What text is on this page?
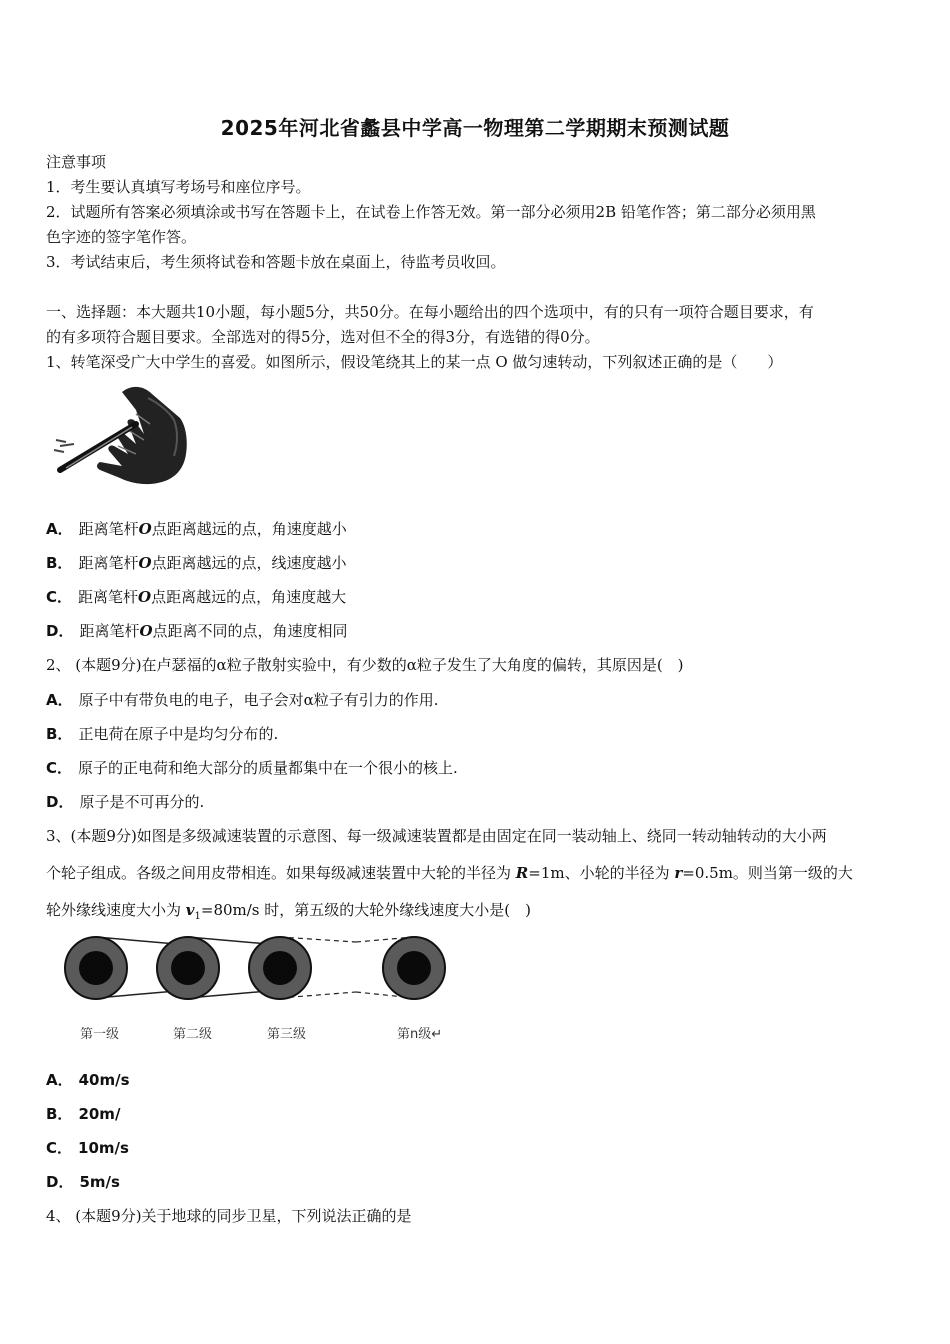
2025年河北省蠡县中学高一物理第二学期期末预测试题
注意事项
1．考生要认真填写考场号和座位序号。
2．试题所有答案必须填涂或书写在答题卡上，在试卷上作答无效。第一部分必须用2B 铅笔作答；第二部分必须用黑
色字迹的签字笔作答。
3．考试结束后，考生须将试卷和答题卡放在桌面上，待监考员收回。
一、选择题：本大题共10小题，每小题5分，共50分。在每小题给出的四个选项中，有的只有一项符合题目要求，有
的有多项符合题目要求。全部选对的得5分，选对但不全的得3分，有选错的得0分。
1、转笔深受广大中学生的喜爱。如图所示，假设笔绕其上的某一点 O 做匀速转动，下列叙述正确的是（　　）
A． 距离笔杆O点距离越远的点，角速度越小
B． 距离笔杆O点距离越远的点，线速度越小
C． 距离笔杆O点距离越远的点，角速度越大
D． 距离笔杆O点距离不同的点，角速度相同
2、 (本题9分)在卢瑟福的α粒子散射实验中，有少数的α粒子发生了大角度的偏转，其原因是(　)
A． 原子中有带负电的电子，电子会对α粒子有引力的作用.
B． 正电荷在原子中是均匀分布的.
C． 原子的正电荷和绝大部分的质量都集中在一个很小的核上.
D． 原子是不可再分的.
3、(本题9分)如图是多级减速装置的示意图、每一级减速装置都是由固定在同一装动轴上、绕同一转动轴转动的大小两
个轮子组成。各级之间用皮带相连。如果每级减速装置中大轮的半径为 R=1m、小轮的半径为 r=0.5m。则当第一级的大
轮外缘线速度大小为 $v_1=80m/s$ 时，第五级的大轮外缘线速度大小是(　)
第一级	第二级	第三级	第n级↵
A． 40m/s
B． 20m/
C． 10m/s
D． 5m/s
4、 (本题9分)关于地球的同步卫星，下列说法正确的是
